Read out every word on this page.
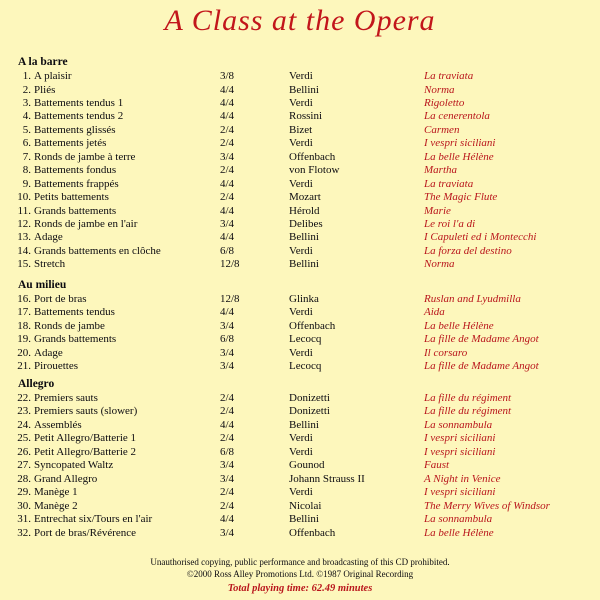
A Class at the Opera
A la barre
1. A plaisir	3/8	Verdi	La traviata
2. Pliés	4/4	Bellini	Norma
3. Battements tendus 1	4/4	Verdi	Rigoletto
4. Battements tendus 2	4/4	Rossini	La cenerentola
5. Battements glissés	2/4	Bizet	Carmen
6. Battements jetés	2/4	Verdi	I vespri siciliani
7. Ronds de jambe à terre	3/4	Offenbach	La belle Hélène
8. Battements fondus	2/4	von Flotow	Martha
9. Battements frappés	4/4	Verdi	La traviata
10. Petits battements	2/4	Mozart	The Magic Flute
11. Grands battements	4/4	Hérold	Marie
12. Ronds de jambe en l'air	3/4	Delibes	Le roi l'a di
13. Adage	4/4	Bellini	I Capuleti ed i Montecchi
14. Grands battements en clôche	6/8	Verdi	La forza del destino
15. Stretch	12/8	Bellini	Norma
Au milieu
16. Port de bras	12/8	Glinka	Ruslan and Lyudmilla
17. Battements tendus	4/4	Verdi	Aida
18. Ronds de jambe	3/4	Offenbach	La belle Hélène
19. Grands battements	6/8	Lecocq	La fille de Madame Angot
20. Adage	3/4	Verdi	Il corsaro
21. Pirouettes	3/4	Lecocq	La fille de Madame Angot
Allegro
22. Premiers sauts	2/4	Donizetti	La fille du régiment
23. Premiers sauts (slower)	2/4	Donizetti	La fille du régiment
24. Assemblés	4/4	Bellini	La sonnambula
25. Petit Allegro/Batterie 1	2/4	Verdi	I vespri siciliani
26. Petit Allegro/Batterie 2	6/8	Verdi	I vespri siciliani
27. Syncopated Waltz	3/4	Gounod	Faust
28. Grand Allegro	3/4	Johann Strauss II	A Night in Venice
29. Manège 1	2/4	Verdi	I vespri siciliani
30. Manège 2	2/4	Nicolai	The Merry Wives of Windsor
31. Entrechat six/Tours en l'air	4/4	Bellini	La sonnambula
32. Port de bras/Révérence	3/4	Offenbach	La belle Hélène
Unauthorised copying, public performance and broadcasting of this CD prohibited.
©2000 Ross Alley Promotions Ltd. ©1987 Original Recording
Total playing time: 62.49 minutes
